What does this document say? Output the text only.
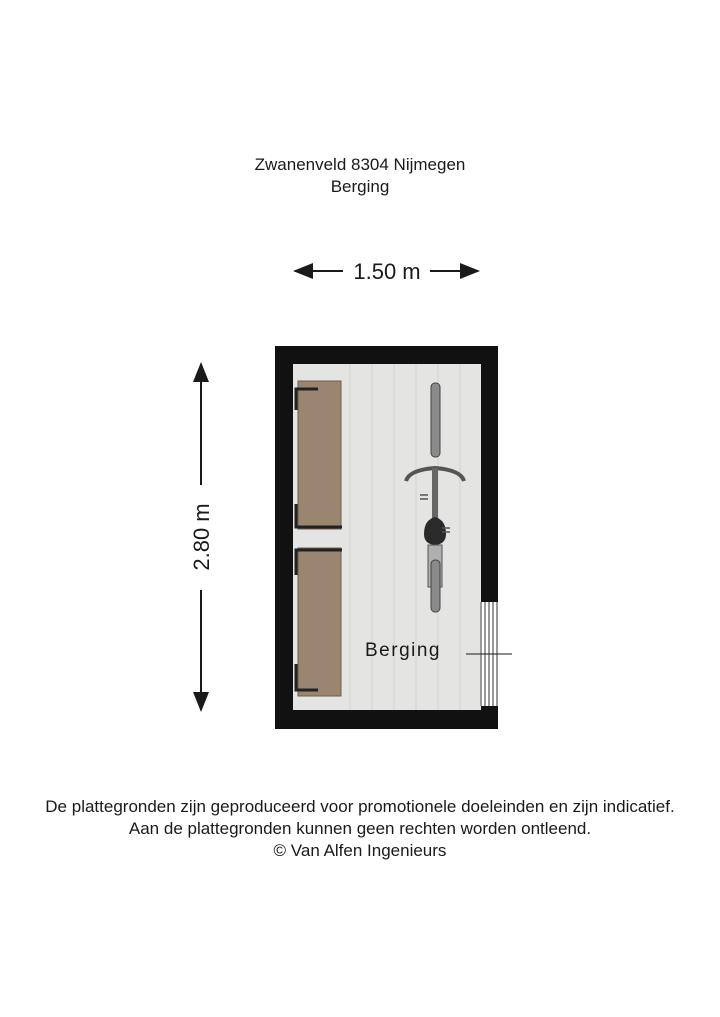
Zwanenveld 8304 Nijmegen
Berging
1.50 m
2.80 m
Berging
De plattegronden zijn geproduceerd voor promotionele doeleinden en zijn indicatief.
Aan de plattegronden kunnen geen rechten worden ontleend.
© Van Alfen Ingenieurs
